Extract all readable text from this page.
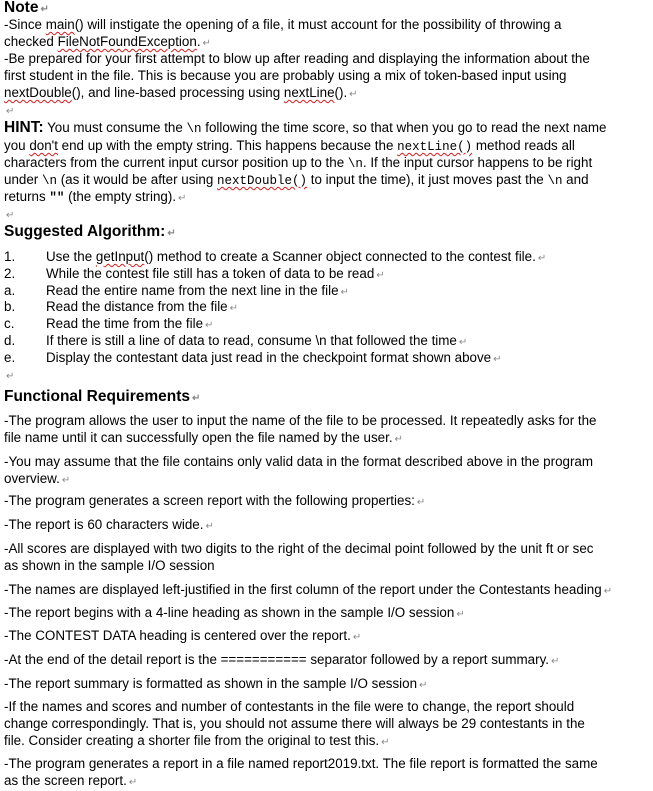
Note ↵
-Since main() will instigate the opening of a file, it must account for the possibility of throwing a
checked FileNotFoundException. ↵
-Be prepared for your first attempt to blow up after reading and displaying the information about the
first student in the file. This is because you are probably using a mix of token-based input using
nextDouble(), and line-based processing using nextLine(). ↵
↵
HINT: You must consume the \n following the time score, so that when you go to read the next name
you don't end up with the empty string. This happens because the nextLine() method reads all
characters from the current input cursor position up to the \n. If the input cursor happens to be right
under \n (as it would be after using nextDouble() to input the time), it just moves past the \n and
returns "" (the empty string). ↵
↵
Suggested Algorithm: ↵
1. Use the getInput() method to create a Scanner object connected to the contest file. ↵
2. While the contest file still has a token of data to be read ↵
a. Read the entire name from the next line in the file ↵
b. Read the distance from the file ↵
c. Read the time from the file ↵
d. If there is still a line of data to read, consume \n that followed the time ↵
e. Display the contestant data just read in the checkpoint format shown above ↵
↵
Functional Requirements ↵
-The program allows the user to input the name of the file to be processed. It repeatedly asks for the
file name until it can successfully open the file named by the user. ↵
-You may assume that the file contains only valid data in the format described above in the program
overview. ↵
-The program generates a screen report with the following properties: ↵
-The report is 60 characters wide. ↵
-All scores are displayed with two digits to the right of the decimal point followed by the unit ft or sec
as shown in the sample I/O session
-The names are displayed left-justified in the first column of the report under the Contestants heading ↵
-The report begins with a 4-line heading as shown in the sample I/O session ↵
-The CONTEST DATA heading is centered over the report. ↵
-At the end of the detail report is the =========== separator followed by a report summary. ↵
-The report summary is formatted as shown in the sample I/O session ↵
-If the names and scores and number of contestants in the file were to change, the report should
change correspondingly. That is, you should not assume there will always be 29 contestants in the
file. Consider creating a shorter file from the original to test this. ↵
-The program generates a report in a file named report2019.txt. The file report is formatted the same
as the screen report. ↵
